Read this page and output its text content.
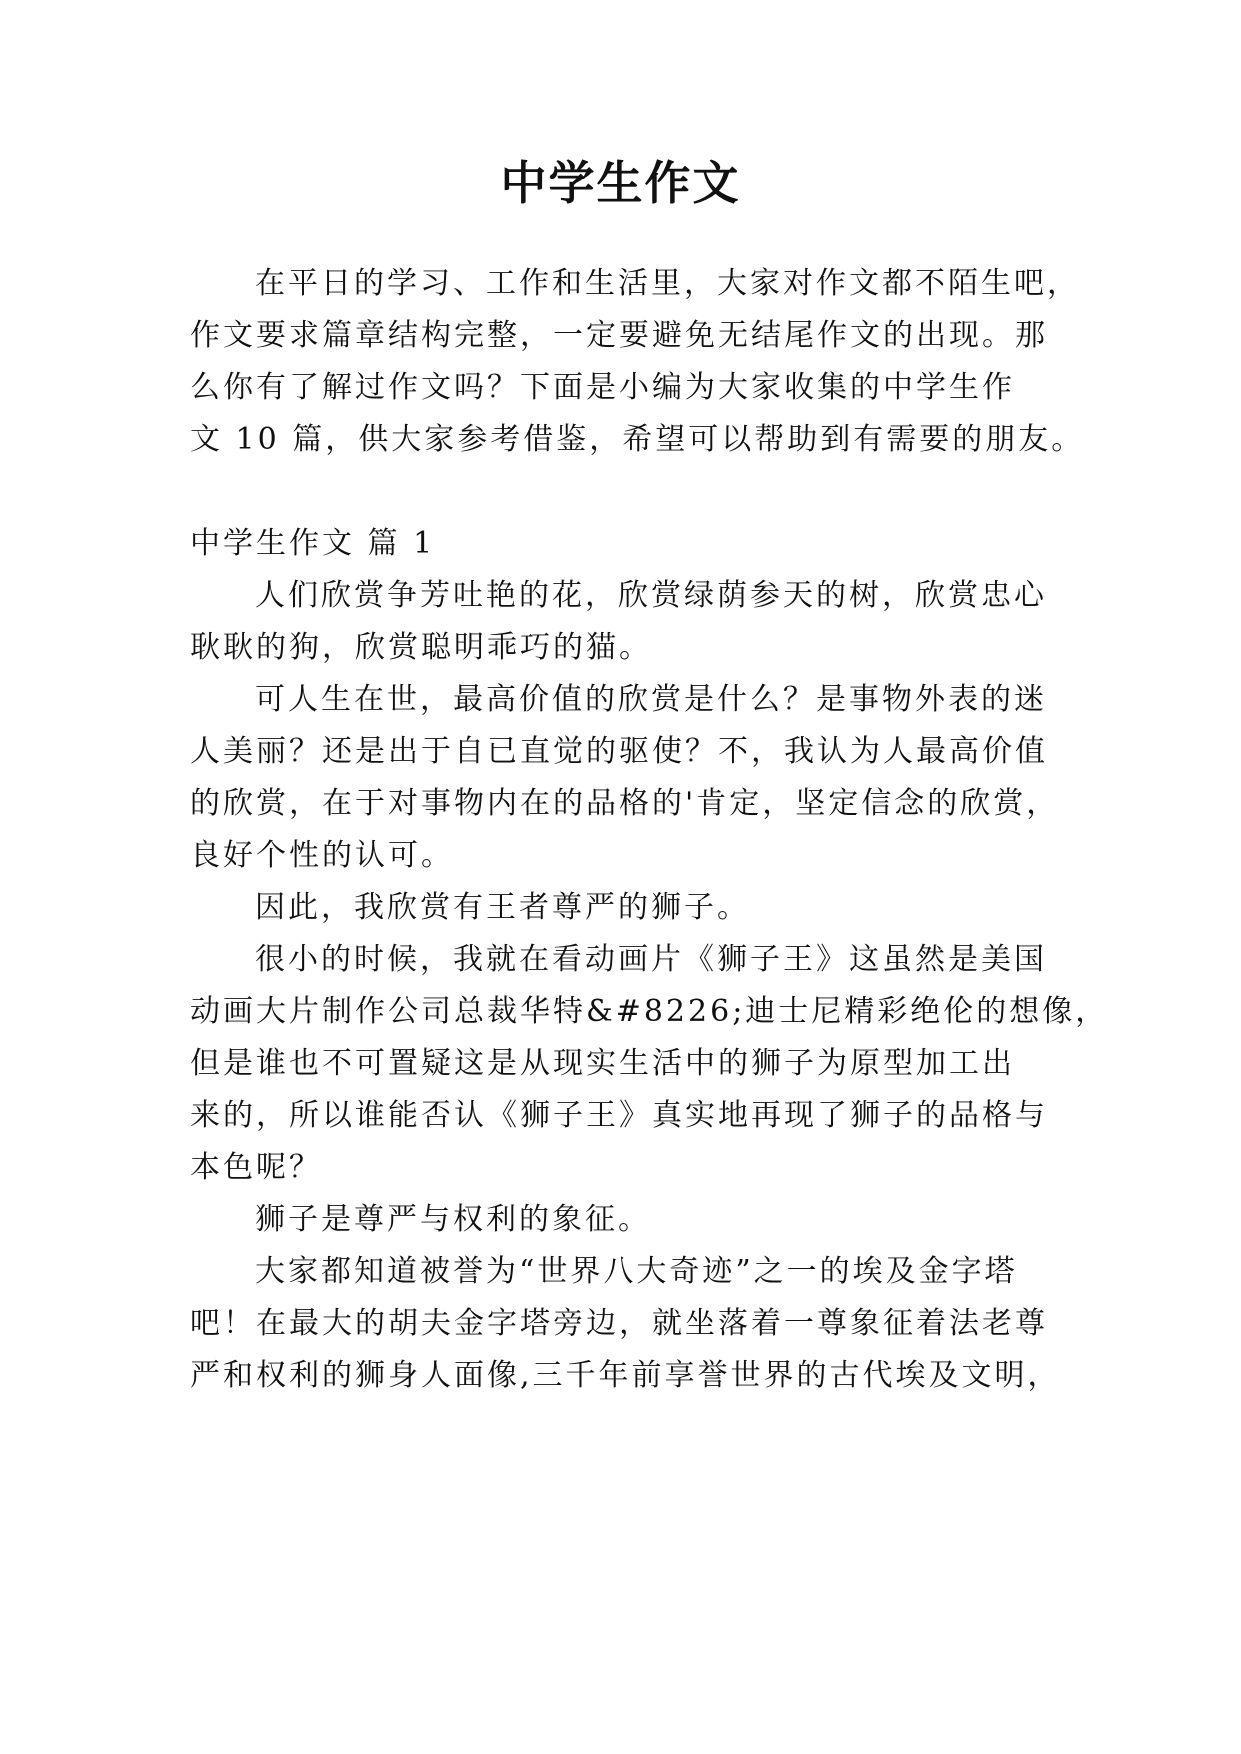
中学生作文
在平日的学习、工作和生活里，大家对作文都不陌生吧，
作文要求篇章结构完整，一定要避免无结尾作文的出现。那
么你有了解过作文吗？下面是小编为大家收集的中学生作
文 10 篇，供大家参考借鉴，希望可以帮助到有需要的朋友。
中学生作文 篇 1
人们欣赏争芳吐艳的花，欣赏绿荫参天的树，欣赏忠心
耿耿的狗，欣赏聪明乖巧的猫。
可人生在世，最高价值的欣赏是什么？是事物外表的迷
人美丽？还是出于自已直觉的驱使？不，我认为人最高价值
的欣赏，在于对事物内在的品格的'肯定，坚定信念的欣赏，
良好个性的认可。
因此，我欣赏有王者尊严的狮子。
很小的时候，我就在看动画片《狮子王》这虽然是美国
动画大片制作公司总裁华特&#8226;迪士尼精彩绝伦的想像，
但是谁也不可置疑这是从现实生活中的狮子为原型加工出
来的，所以谁能否认《狮子王》真实地再现了狮子的品格与
本色呢？
狮子是尊严与权利的象征。
大家都知道被誉为“世界八大奇迹”之一的埃及金字塔
吧！在最大的胡夫金字塔旁边，就坐落着一尊象征着法老尊
严和权利的狮身人面像,三千年前享誉世界的古代埃及文明，
